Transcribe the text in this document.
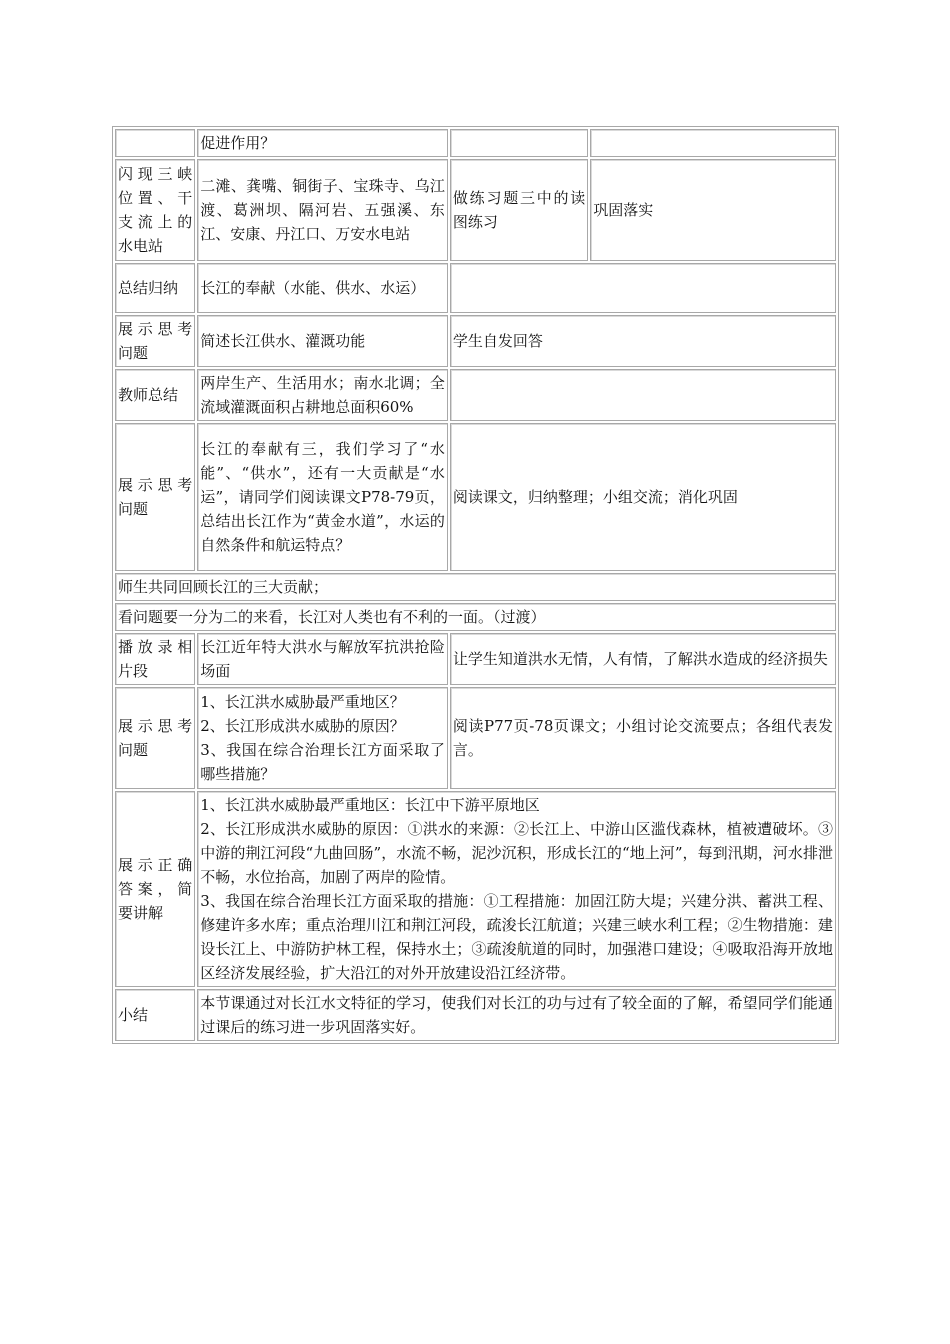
	促进作用？		
闪现三峡位置、干支流上的水电站	二滩、龚嘴、铜街子、宝珠寺、乌江渡、葛洲坝、隔河岩、五强溪、东江、安康、丹江口、万安水电站	做练习题三中的读图练习	巩固落实
总结归纳	长江的奉献（水能、供水、水运）		
展示思考问题	简述长江供水、灌溉功能	学生自发回答	
教师总结	两岸生产、生活用水；南水北调；全流域灌溉面积占耕地总面积60%		
展示思考问题	长江的奉献有三，我们学习了“水能”、“供水”，还有一大贡献是“水运”，请同学们阅读课文P78-79页，总结出长江作为“黄金水道”，水运的自然条件和航运特点？	阅读课文，归纳整理；小组交流；消化巩固	
师生共同回顾长江的三大贡献；			
看问题要一分为二的来看，长江对人类也有不利的一面。（过渡）			
播放录相片段	长江近年特大洪水与解放军抗洪抢险场面	让学生知道洪水无情，人有情，了解洪水造成的经济损失	
展示思考问题	1、长江洪水威胁最严重地区？
2、长江形成洪水威胁的原因？
3、我国在综合治理长江方面采取了哪些措施？	阅读P77页-78页课文；小组讨论交流要点；各组代表发言。	
展示正确答案，简要讲解	1、长江洪水威胁最严重地区：长江中下游平原地区
2、长江形成洪水威胁的原因：①洪水的来源：②长江上、中游山区滥伐森林，植被遭破坏。③中游的荆江河段“九曲回肠”，水流不畅，泥沙沉积，形成长江的“地上河”，每到汛期，河水排泄不畅，水位抬高，加剧了两岸的险情。
3、我国在综合治理长江方面采取的措施：①工程措施：加固江防大堤；兴建分洪、蓄洪工程、修建许多水库；重点治理川江和荆江河段，疏浚长江航道；兴建三峡水利工程；②生物措施：建设长江上、中游防护林工程，保持水土；③疏浚航道的同时，加强港口建设；④吸取沿海开放地区经济发展经验，扩大沿江的对外开放建设沿江经济带。		

小结	本节课通过对长江水文特征的学习，使我们对长江的功与过有了较全面的了解，希望同学们能通过课后的练习进一步巩固落实好。		
